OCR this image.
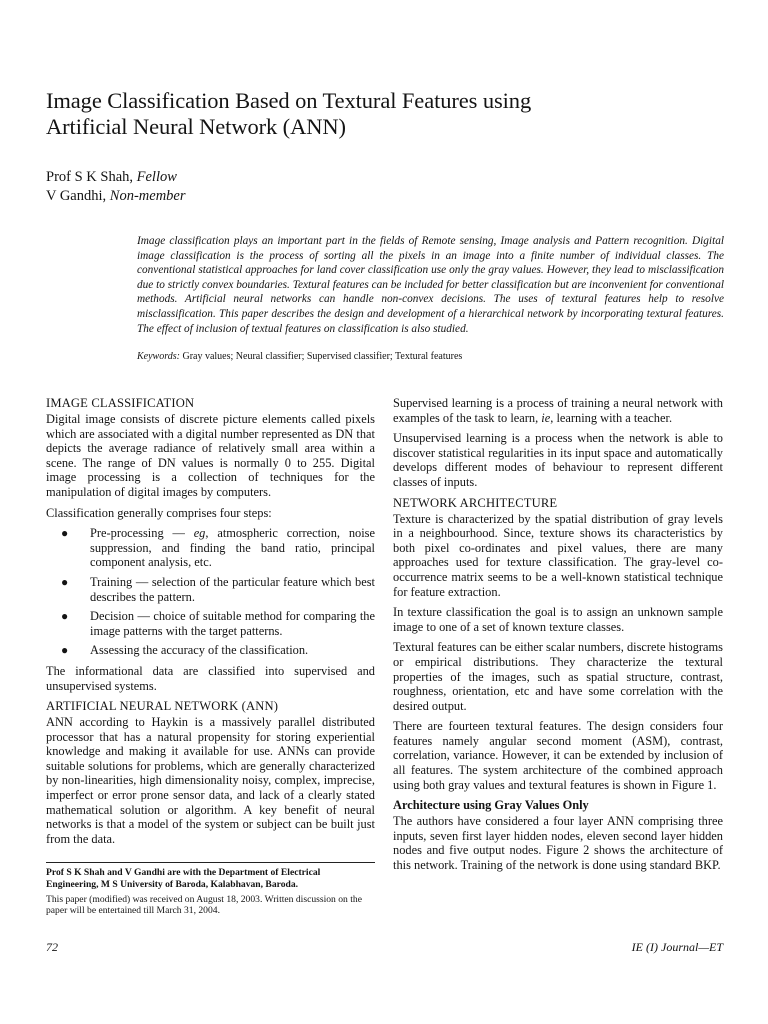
Image Classification Based on Textural Features using
Artificial Neural Network (ANN)
Prof S K Shah, Fellow
V Gandhi, Non-member

Image classification plays an important part in the fields of Remote sensing, Image analysis and Pattern recognition. Digital image classification is the process of sorting all the pixels in an image into a finite number of individual classes. The conventional statistical approaches for land cover classification use only the gray values. However, they lead to misclassification due to strictly convex boundaries. Textural features can be included for better classification but are inconvenient for conventional methods. Artificial neural networks can handle non-convex decisions. The uses of textural features help to resolve misclassification. This paper describes the design and development of a hierarchical network by incorporating textural features. The effect of inclusion of textual features on classification is also studied.

Keywords: Gray values; Neural classifier; Supervised classifier; Textural features
IMAGE CLASSIFICATION

Digital image consists of discrete picture elements called pixels which are associated with a digital number represented as DN that depicts the average radiance of relatively small area within a scene. The range of DN values is normally 0 to 255. Digital image processing is a collection of techniques for the manipulation of digital images by computers.

Classification generally comprises four steps:

● Pre-processing — eg, atmospheric correction, noise suppression, and finding the band ratio, principal component analysis, etc.
● Training — selection of the particular feature which best describes the pattern.
● Decision — choice of suitable method for comparing the image patterns with the target patterns.
● Assessing the accuracy of the classification.

The informational data are classified into supervised and unsupervised systems.

ARTIFICIAL NEURAL NETWORK (ANN)

ANN according to Haykin is a massively parallel distributed processor that has a natural propensity for storing experiential knowledge and making it available for use. ANNs can provide suitable solutions for problems, which are generally characterized by non-linearities, high dimensionality noisy, complex, imprecise, imperfect or error prone sensor data, and lack of a clearly stated mathematical solution or algorithm. A key benefit of neural networks is that a model of the system or subject can be built just from the data.

Prof S K Shah and V Gandhi are with the Department of Electrical Engineering, M S University of Baroda, Kalabhavan, Baroda.

This paper (modified) was received on August 18, 2003. Written discussion on the paper will be entertained till March 31, 2004.

Supervised learning is a process of training a neural network with examples of the task to learn, ie, learning with a teacher.

Unsupervised learning is a process when the network is able to discover statistical regularities in its input space and automatically develops different modes of behaviour to represent different classes of inputs.

NETWORK ARCHITECTURE

Texture is characterized by the spatial distribution of gray levels in a neighbourhood. Since, texture shows its characteristics by both pixel co-ordinates and pixel values, there are many approaches used for texture classification. The gray-level co-occurrence matrix seems to be a well-known statistical technique for feature extraction.

In texture classification the goal is to assign an unknown sample image to one of a set of known texture classes.

Textural features can be either scalar numbers, discrete histograms or empirical distributions. They characterize the textural properties of the images, such as spatial structure, contrast, roughness, orientation, etc and have some correlation with the desired output.

There are fourteen textural features. The design considers four features namely angular second moment (ASM), contrast, correlation, variance. However, it can be extended by inclusion of all features. The system architecture of the combined approach using both gray values and textural features is shown in Figure 1.

Architecture using Gray Values Only

The authors have considered a four layer ANN comprising three inputs, seven first layer hidden nodes, eleven second layer hidden nodes and five output nodes. Figure 2 shows the architecture of this network. Training of the network is done using standard BKP.

72	IE (I) Journal—ET
